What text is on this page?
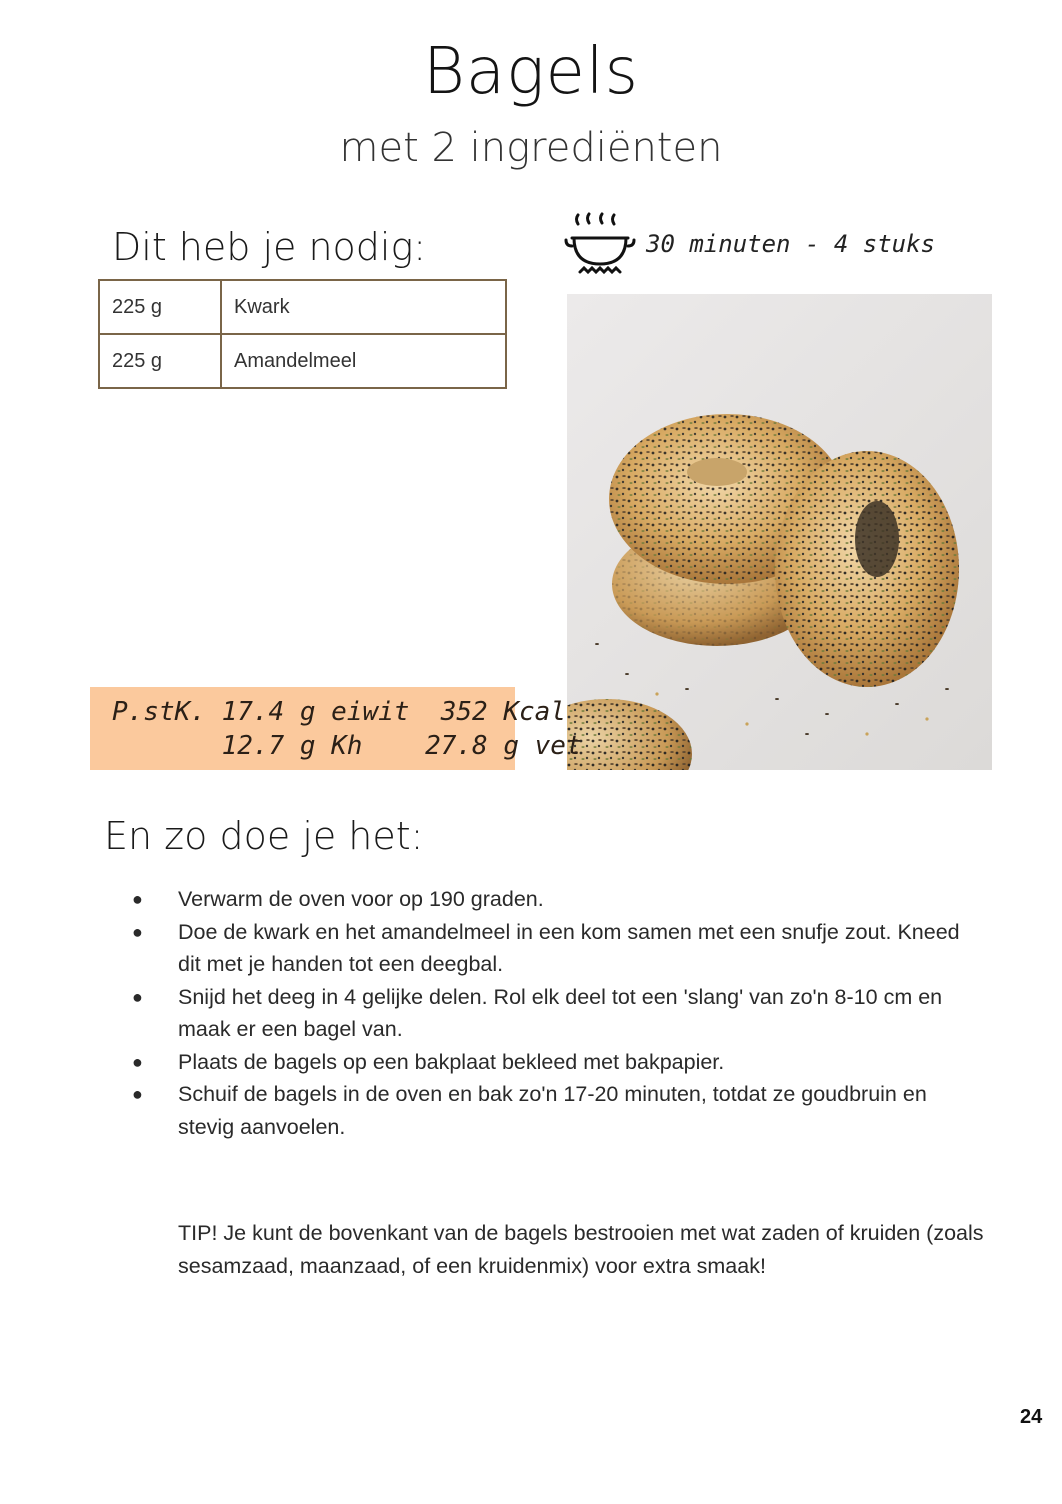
Bagels
met 2 ingrediënten
Dit heb je nodig:
225 g	Kwark
225 g	Amandelmeel
30 minuten - 4 stuks
P.stK. 17.4 g eiwit  352 Kcal
12.7 g Kh    27.8 g vet
En zo doe je het:
● Verwarm de oven voor op 190 graden.
● Doe de kwark en het amandelmeel in een kom samen met een snufje zout. Kneed dit met je handen tot een deegbal.
● Snijd het deeg in 4 gelijke delen. Rol elk deel tot een 'slang' van zo'n 8-10 cm en maak er een bagel van.
● Plaats de bagels op een bakplaat bekleed met bakpapier.
● Schuif de bagels in de oven en bak zo'n 17-20 minuten, totdat ze goudbruin en stevig aanvoelen.
TIP! Je kunt de bovenkant van de bagels bestrooien met wat zaden of kruiden (zoals sesamzaad, maanzaad, of een kruidenmix) voor extra smaak!
24
